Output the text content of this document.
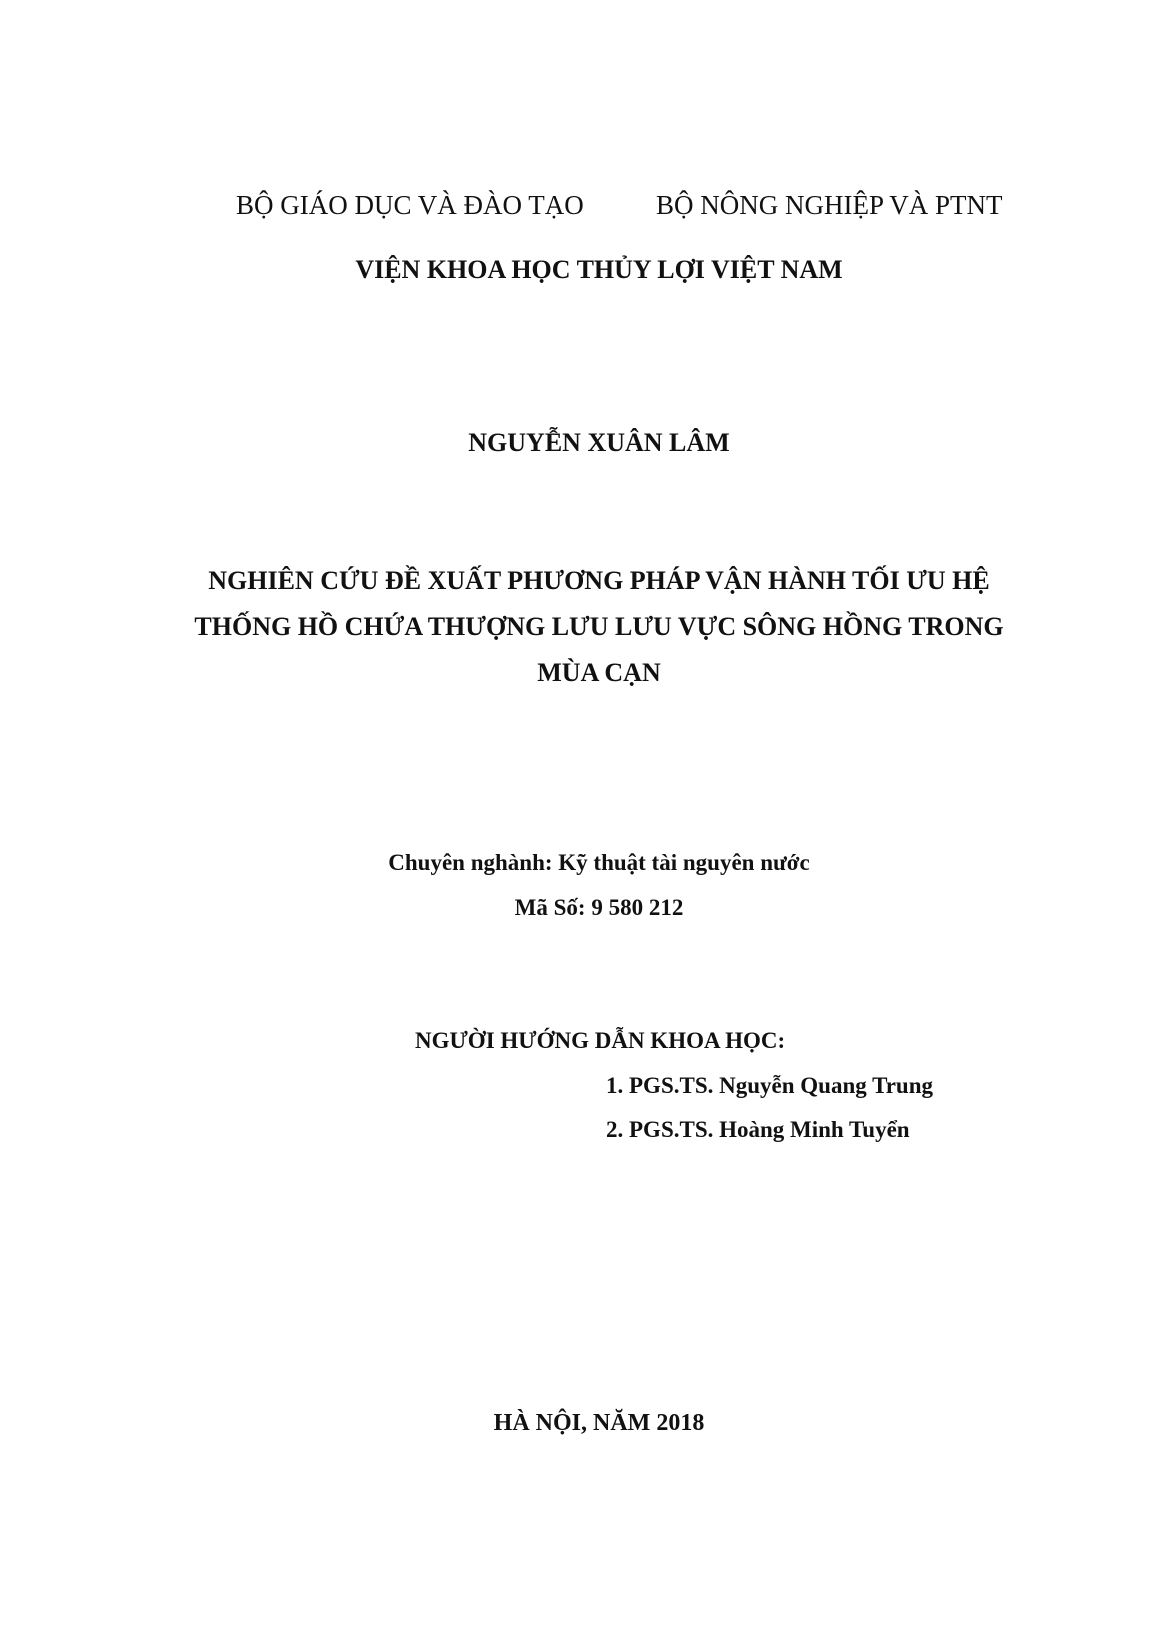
BỘ GIÁO DỤC VÀ ĐÀO TẠO	BỘ NÔNG NGHIỆP VÀ PTNT
VIỆN KHOA HỌC THỦY LỢI VIỆT NAM
NGUYỄN XUÂN LÂM
NGHIÊN CỨU ĐỀ XUẤT PHƯƠNG PHÁP VẬN HÀNH TỐI ƯU HỆ
THỐNG HỒ CHỨA THƯỢNG LƯU LƯU VỰC SÔNG HỒNG TRONG
MÙA CẠN
Chuyên nghành: Kỹ thuật tài nguyên nước
Mã Số: 9 580 212
NGƯỜI HƯỚNG DẪN KHOA HỌC:
1. PGS.TS. Nguyễn Quang Trung
2. PGS.TS. Hoàng Minh Tuyển
HÀ NỘI, NĂM 2018
